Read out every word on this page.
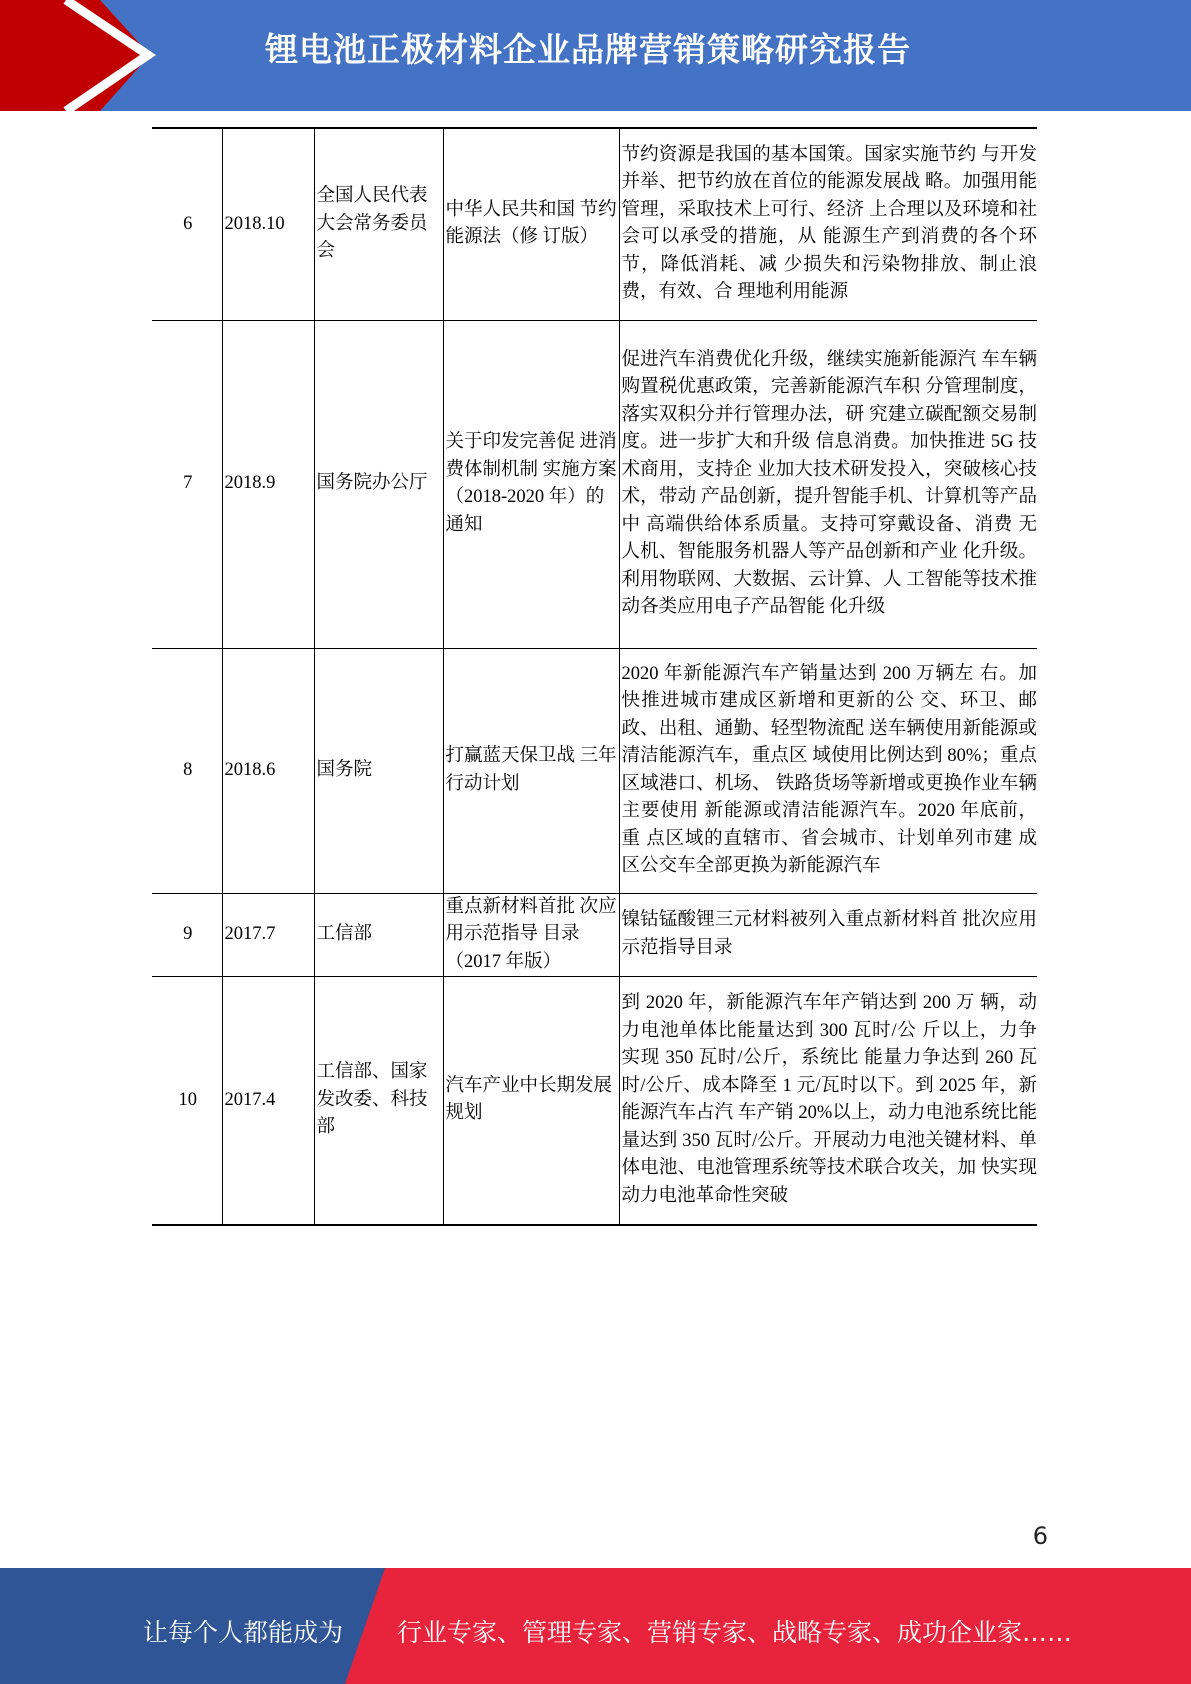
锂电池正极材料企业品牌营销策略研究报告
6	2018.10	全国人民代表大会常务委员会	中华人民共和国 节约能源法（修 订版）	节约资源是我国的基本国策。国家实施节约 与开发并举、把节约放在首位的能源发展战 略。加强用能管理，采取技术上可行、经济 上合理以及环境和社会可以承受的措施，从 能源生产到消费的各个环节，降低消耗、减 少损失和污染物排放、制止浪费，有效、合 理地利用能源
7	2018.9	国务院办公厅	关于印发完善促 进消费体制机制 实施方案（2018-2020 年）的通知	促进汽车消费优化升级，继续实施新能源汽 车车辆购置税优惠政策，完善新能源汽车积 分管理制度，落实双积分并行管理办法，研 究建立碳配额交易制度。进一步扩大和升级 信息消费。加快推进 5G 技术商用，支持企 业加大技术研发投入，突破核心技术，带动 产品创新，提升智能手机、计算机等产品中 高端供给体系质量。支持可穿戴设备、消费 无人机、智能服务机器人等产品创新和产业 化升级。利用物联网、大数据、云计算、人 工智能等技术推动各类应用电子产品智能 化升级
8	2018.6	国务院	打赢蓝天保卫战 三年行动计划	2020 年新能源汽车产销量达到 200 万辆左 右。加快推进城市建成区新增和更新的公 交、环卫、邮政、出租、通勤、轻型物流配 送车辆使用新能源或清洁能源汽车，重点区 域使用比例达到 80%；重点区域港口、机场、 铁路货场等新增或更换作业车辆主要使用 新能源或清洁能源汽车。2020 年底前，重 点区域的直辖市、省会城市、计划单列市建 成区公交车全部更换为新能源汽车
9	2017.7	工信部	重点新材料首批 次应用示范指导 目录（2017 年版）	镍钴锰酸锂三元材料被列入重点新材料首 批次应用示范指导目录
10	2017.4	工信部、国家发改委、科技部	汽车产业中长期发展规划	到 2020 年，新能源汽车年产销达到 200 万 辆，动力电池单体比能量达到 300 瓦时/公 斤以上，力争实现 350 瓦时/公斤，系统比 能量力争达到 260 瓦时/公斤、成本降至 1 元/瓦时以下。到 2025 年，新能源汽车占汽 车产销 20%以上，动力电池系统比能量达到 350 瓦时/公斤。开展动力电池关键材料、单 体电池、电池管理系统等技术联合攻关，加 快实现动力电池革命性突破
6
让每个人都能成为 行业专家、管理专家、营销专家、战略专家、成功企业家……
